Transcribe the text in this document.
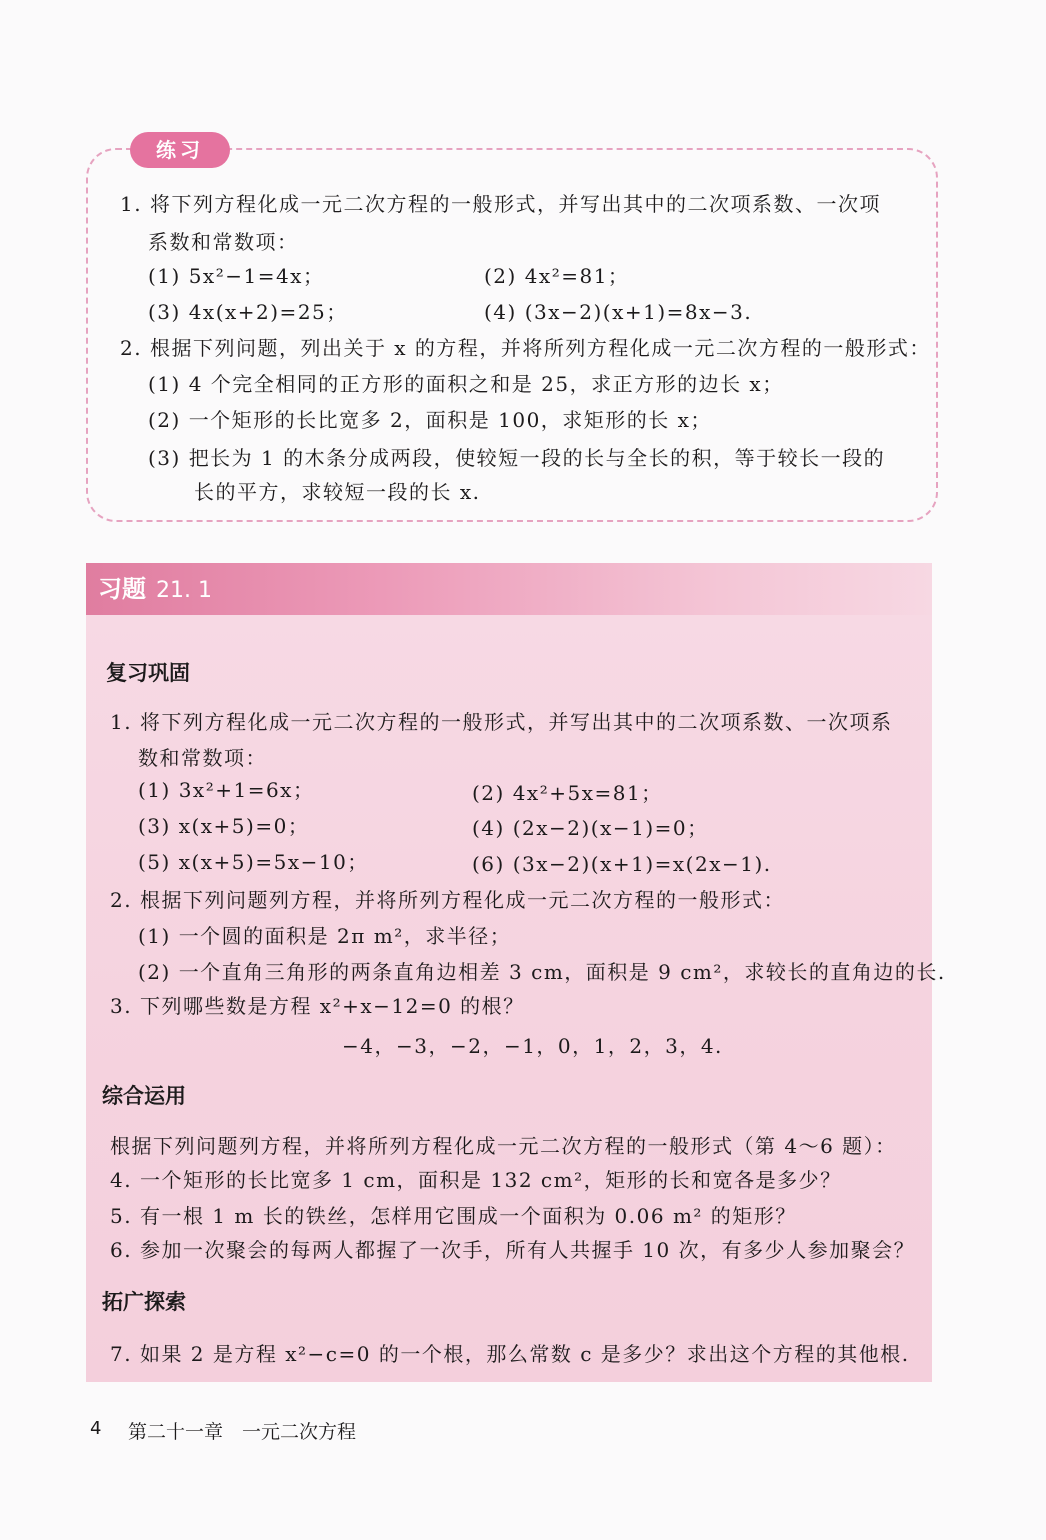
练习
1. 将下列方程化成一元二次方程的一般形式，并写出其中的二次项系数、一次项
系数和常数项：
(1) 5x²−1=4x；	(2) 4x²=81；
(3) 4x(x+2)=25；	(4) (3x−2)(x+1)=8x−3.
2. 根据下列问题，列出关于 x 的方程，并将所列方程化成一元二次方程的一般形式：
(1) 4 个完全相同的正方形的面积之和是 25，求正方形的边长 x；
(2) 一个矩形的长比宽多 2，面积是 100，求矩形的长 x；
(3) 把长为 1 的木条分成两段，使较短一段的长与全长的积，等于较长一段的
长的平方，求较短一段的长 x.
习题 21. 1
复习巩固
1. 将下列方程化成一元二次方程的一般形式，并写出其中的二次项系数、一次项系
数和常数项：
(1) 3x²+1=6x；	(2) 4x²+5x=81；
(3) x(x+5)=0；	(4) (2x−2)(x−1)=0；
(5) x(x+5)=5x−10；	(6) (3x−2)(x+1)=x(2x−1).
2. 根据下列问题列方程，并将所列方程化成一元二次方程的一般形式：
(1) 一个圆的面积是 2π m²，求半径；
(2) 一个直角三角形的两条直角边相差 3 cm，面积是 9 cm²，求较长的直角边的长.
3. 下列哪些数是方程 x²+x−12=0 的根？
−4，−3，−2，−1，0，1，2，3，4.
综合运用
根据下列问题列方程，并将所列方程化成一元二次方程的一般形式（第 4～6 题）：
4. 一个矩形的长比宽多 1 cm，面积是 132 cm²，矩形的长和宽各是多少？
5. 有一根 1 m 长的铁丝，怎样用它围成一个面积为 0.06 m² 的矩形？
6. 参加一次聚会的每两人都握了一次手，所有人共握手 10 次，有多少人参加聚会？
拓广探索
7. 如果 2 是方程 x²−c=0 的一个根，那么常数 c 是多少？求出这个方程的其他根.
4 第二十一章　一元二次方程
